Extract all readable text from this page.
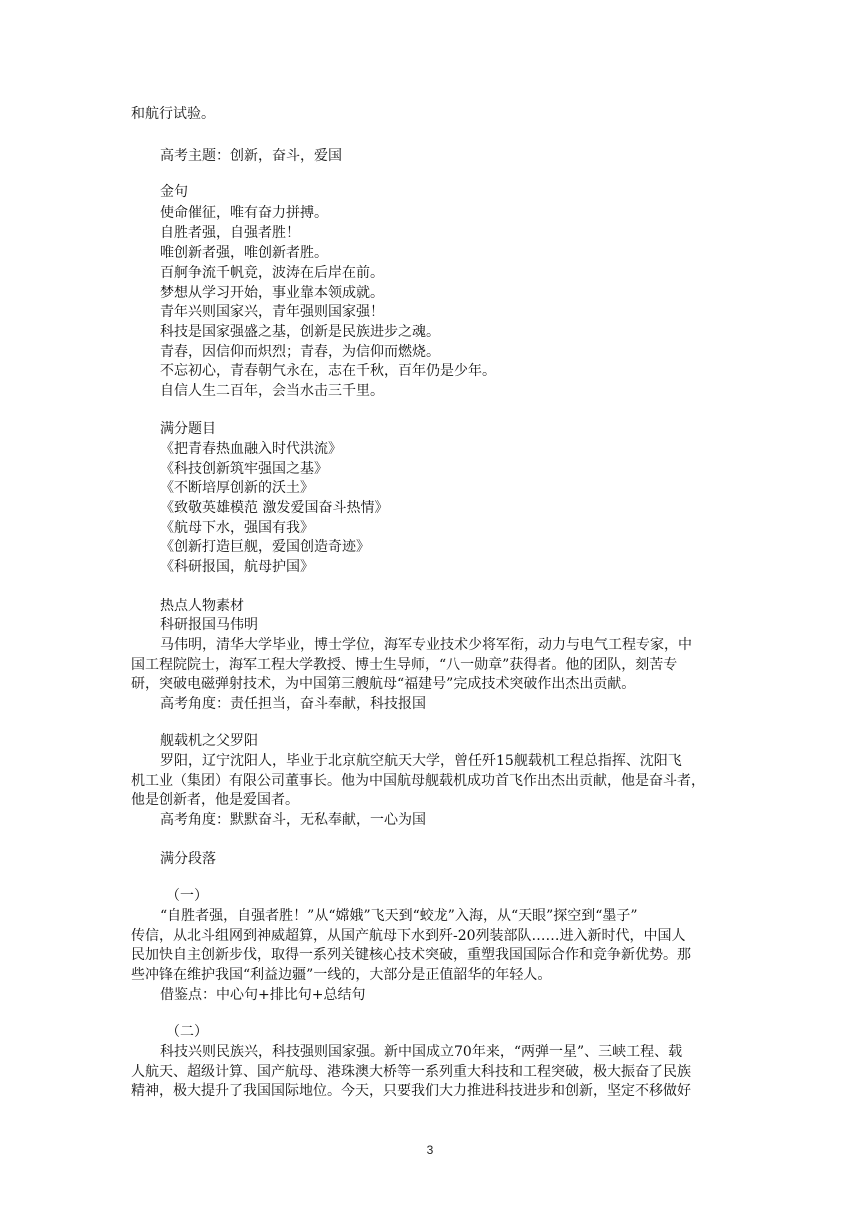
和航行试验。
高考主题：创新，奋斗，爱国
金句
使命催征，唯有奋力拼搏。
自胜者强，自强者胜！
唯创新者强，唯创新者胜。
百舸争流千帆竞，波涛在后岸在前。
梦想从学习开始，事业靠本领成就。
青年兴则国家兴，青年强则国家强！
科技是国家强盛之基，创新是民族进步之魂。
青春，因信仰而炽烈；青春，为信仰而燃烧。
不忘初心，青春朝气永在，志在千秋，百年仍是少年。
自信人生二百年，会当水击三千里。
满分题目
《把青春热血融入时代洪流》
《科技创新筑牢强国之基》
《不断培厚创新的沃土》
《致敬英雄模范 激发爱国奋斗热情》
《航母下水，强国有我》
《创新打造巨舰，爱国创造奇迹》
《科研报国，航母护国》
热点人物素材
科研报国马伟明
马伟明，清华大学毕业，博士学位，海军专业技术少将军衔，动力与电气工程专家，中
国工程院院士，海军工程大学教授、博士生导师，“八一勋章”获得者。他的团队，刻苦专
研，突破电磁弹射技术，为中国第三艘航母“福建号”完成技术突破作出杰出贡献。
高考角度：责任担当，奋斗奉献，科技报国
舰载机之父罗阳
罗阳，辽宁沈阳人，毕业于北京航空航天大学，曾任歼15舰载机工程总指挥、沈阳飞
机工业（集团）有限公司董事长。他为中国航母舰载机成功首飞作出杰出贡献，他是奋斗者，
他是创新者，他是爱国者。
高考角度：默默奋斗，无私奉献，一心为国
满分段落
（一）
“自胜者强，自强者胜！”从“嫦娥”飞天到“蛟龙”入海，从“天眼”探空到“墨子”
传信，从北斗组网到神威超算，从国产航母下水到歼-20列装部队……进入新时代，中国人
民加快自主创新步伐，取得一系列关键核心技术突破，重塑我国国际合作和竞争新优势。那
些冲锋在维护我国“利益边疆”一线的，大部分是正值韶华的年轻人。
借鉴点：中心句+排比句+总结句
（二）
科技兴则民族兴，科技强则国家强。新中国成立70年来，“两弹一星”、三峡工程、载
人航天、超级计算、国产航母、港珠澳大桥等一系列重大科技和工程突破，极大振奋了民族
精神，极大提升了我国国际地位。今天，只要我们大力推进科技进步和创新，坚定不移做好
3
